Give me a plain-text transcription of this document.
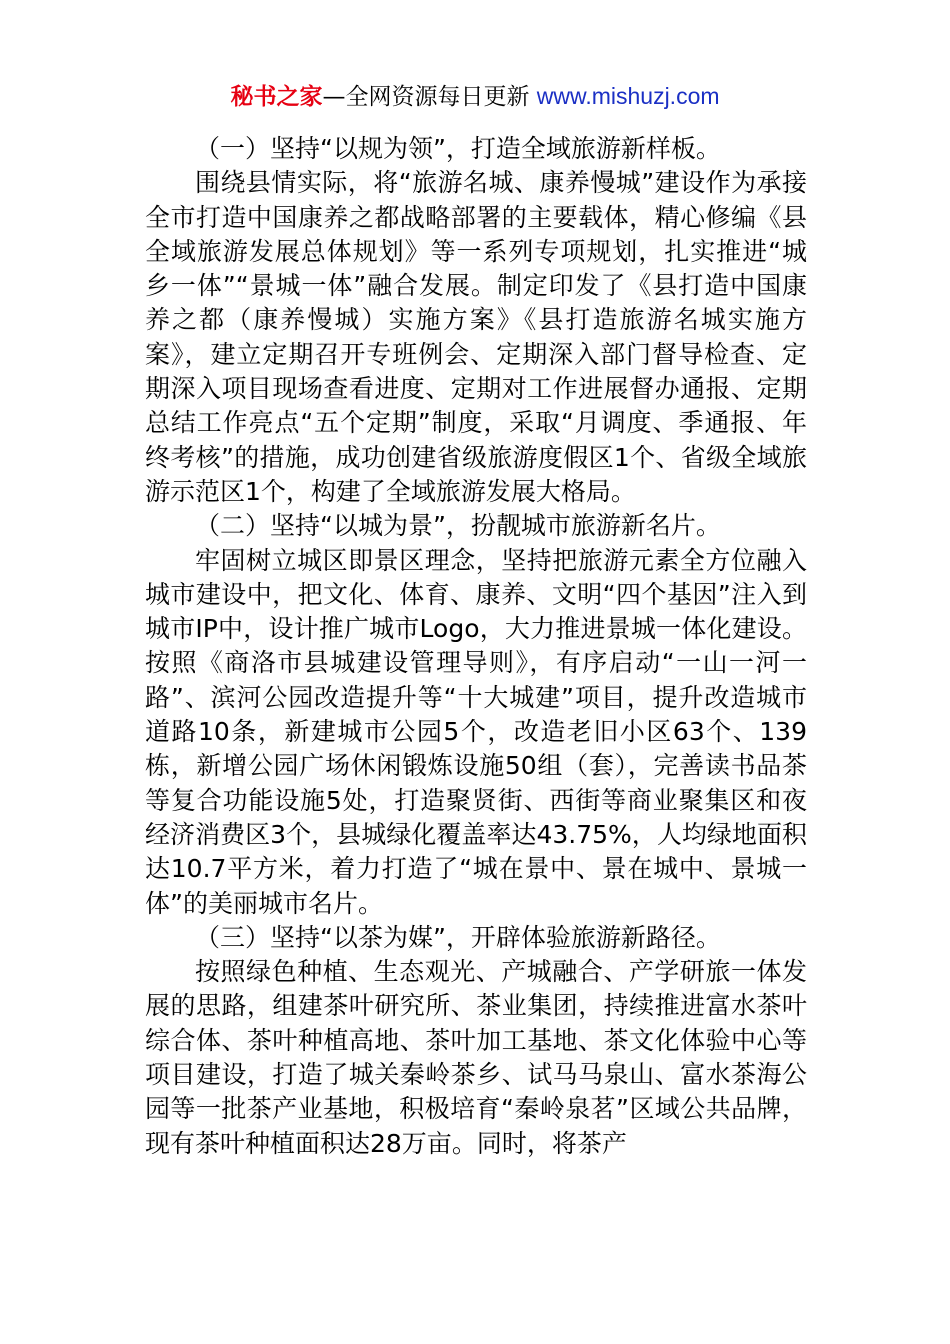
秘书之家—全网资源每日更新 www.mishuzj.com

（一）坚持“以规为领”，打造全域旅游新样板。

围绕县情实际，将“旅游名城、康养慢城”建设作为承接全市打造中国康养之都战略部署的主要载体，精心修编《县全域旅游发展总体规划》等一系列专项规划，扎实推进“城乡一体”“景城一体”融合发展。制定印发了《县打造中国康养之都（康养慢城）实施方案》《县打造旅游名城实施方案》，建立定期召开专班例会、定期深入部门督导检查、定期深入项目现场查看进度、定期对工作进展督办通报、定期总结工作亮点“五个定期”制度，采取“月调度、季通报、年终考核”的措施，成功创建省级旅游度假区1个、省级全域旅游示范区1个，构建了全域旅游发展大格局。

（二）坚持“以城为景”，扮靓城市旅游新名片。

牢固树立城区即景区理念，坚持把旅游元素全方位融入城市建设中，把文化、体育、康养、文明“四个基因”注入到城市IP中，设计推广城市Logo，大力推进景城一体化建设。按照《商洛市县城建设管理导则》，有序启动“一山一河一路”、滨河公园改造提升等“十大城建”项目，提升改造城市道路10条，新建城市公园5个，改造老旧小区63个、139栋，新增公园广场休闲锻炼设施50组（套），完善读书品茶等复合功能设施5处，打造聚贤街、西街等商业聚集区和夜经济消费区3个，县城绿化覆盖率达43.75%，人均绿地面积达10.7平方米，着力打造了“城在景中、景在城中、景城一体”的美丽城市名片。

（三）坚持“以茶为媒”，开辟体验旅游新路径。

按照绿色种植、生态观光、产城融合、产学研旅一体发展的思路，组建茶叶研究所、茶业集团，持续推进富水茶叶综合体、茶叶种植高地、茶叶加工基地、茶文化体验中心等项目建设，打造了城关秦岭茶乡、试马马泉山、富水茶海公园等一批茶产业基地，积极培育“秦岭泉茗”区域公共品牌，现有茶叶种植面积达28万亩。同时，将茶产
